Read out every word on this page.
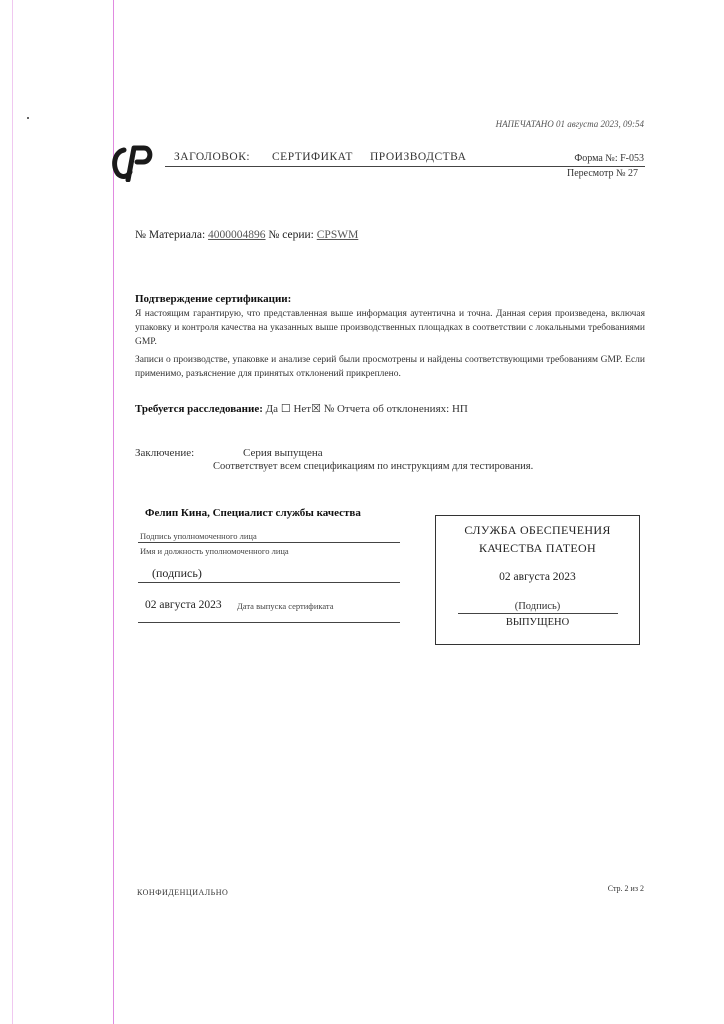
НАПЕЧАТАНО 01 августа 2023, 09:54
ЗАГОЛОВОК: СЕРТИФИКАТ ПРОИЗВОДСТВА	Форма №: F-053
Пересмотр № 27
№ Материала: 4000004896 № серии: CPSWM
Подтверждение сертификации:
Я настоящим гарантирую, что представленная выше информация аутентична и точна. Данная серия произведена, включая упаковку и контроля качества на указанных выше производственных площадках в соответствии с локальными требованиями GMP.
Записи о производстве, упаковке и анализе серий были просмотрены и найдены соответствующими требованиям GMP. Если применимо, разъяснение для принятых отклонений прикреплено.
Требуется расследование: Да ☐ Нет☒ № Отчета об отклонениях: НП
Заключение:	Серия выпущена
Соответствует всем спецификациям по инструкциям для тестирования.
Фелип Кина, Специалист службы качества
Подпись уполномоченного лица
Имя и должность уполномоченного лица
(подпись)
02 августа 2023 Дата выпуска сертификата
СЛУЖБА ОБЕСПЕЧЕНИЯ
КАЧЕСТВА ПАТЕОН
02 августа 2023
(Подпись)
ВЫПУЩЕНО
КОНФИДЕНЦИАЛЬНО	Стр. 2 из 2
